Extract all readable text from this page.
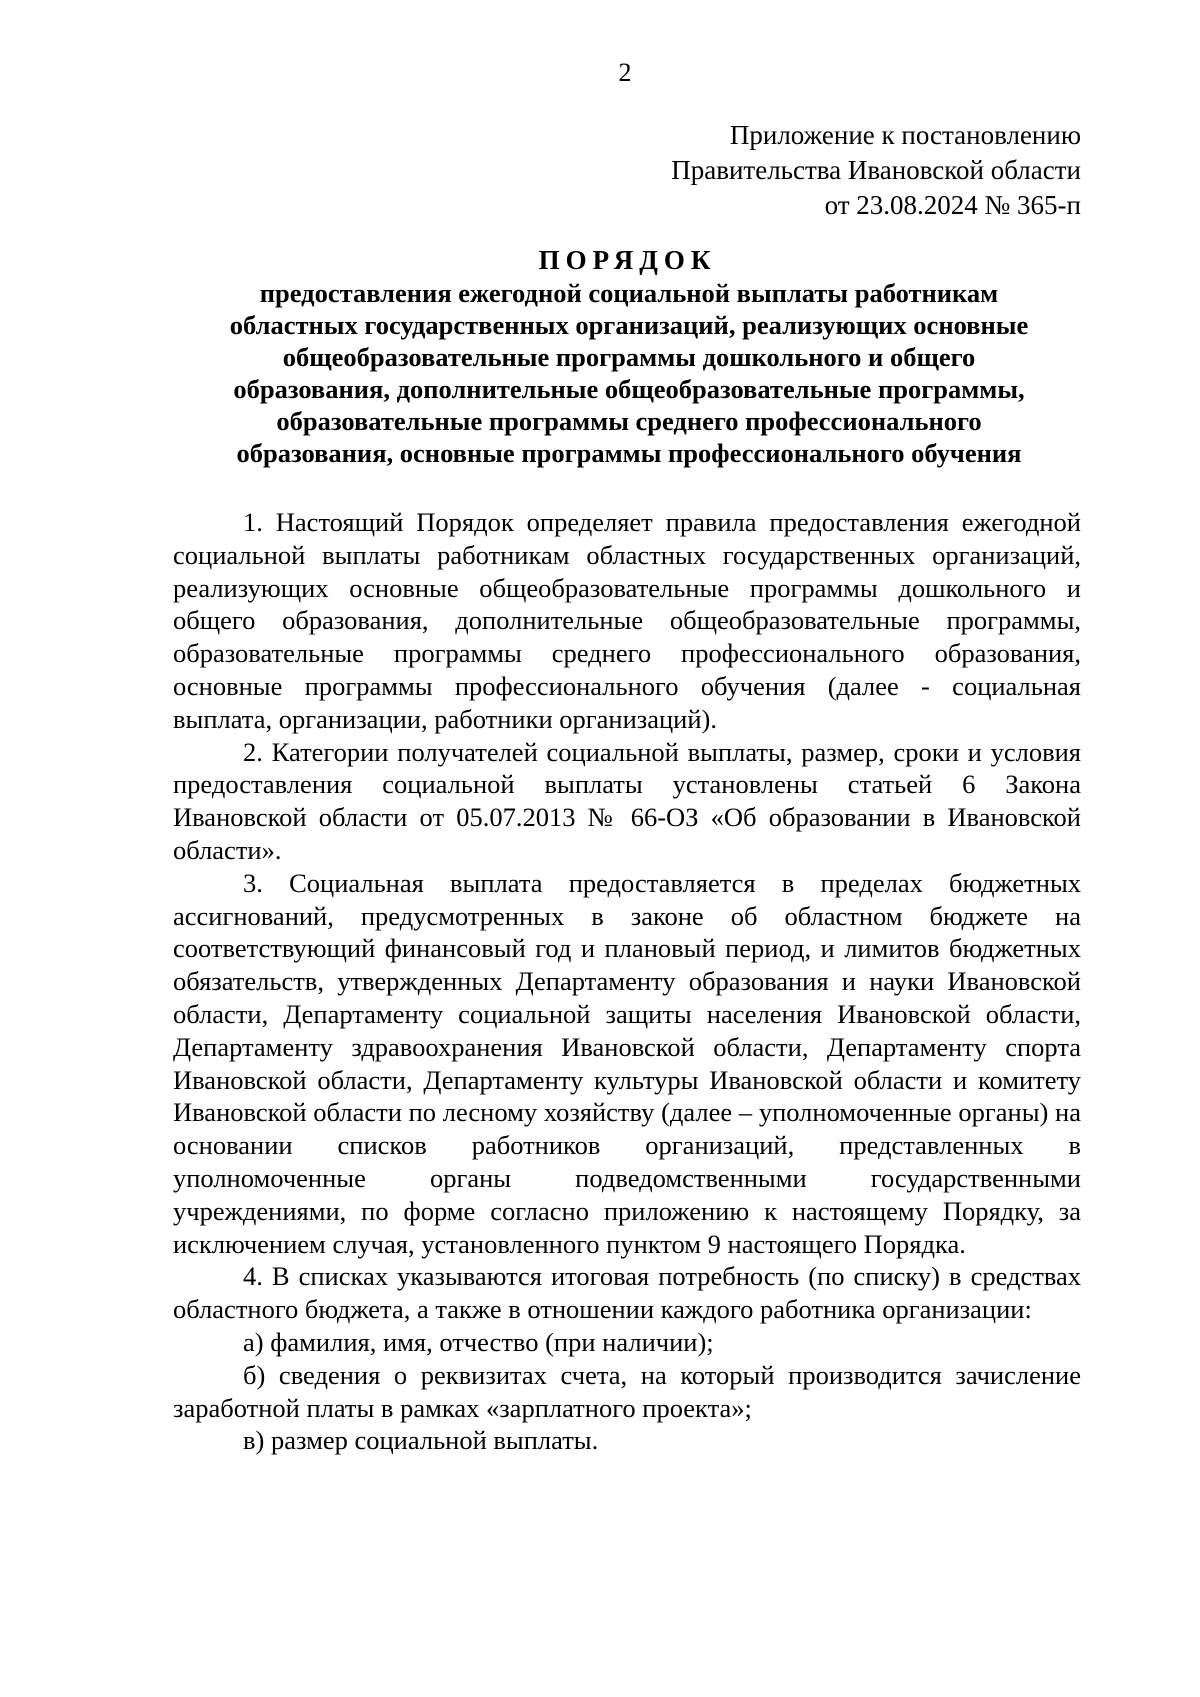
2
Приложение к постановлению
Правительства Ивановской области
от 23.08.2024 № 365-п
ПОРЯДОК
предоставления ежегодной социальной выплаты работникам
областных государственных организаций, реализующих основные
общеобразовательные программы дошкольного и общего
образования, дополнительные общеобразовательные программы,
образовательные программы среднего профессионального
образования, основные программы профессионального обучения

1. Настоящий Порядок определяет правила предоставления ежегодной социальной выплаты работникам областных государственных организаций, реализующих основные общеобразовательные программы дошкольного и общего образования, дополнительные общеобразовательные программы, образовательные программы среднего профессионального образования, основные программы профессионального обучения (далее - социальная выплата, организации, работники организаций).

2. Категории получателей социальной выплаты, размер, сроки и условия предоставления социальной выплаты установлены статьей 6 Закона Ивановской области от 05.07.2013 № 66-ОЗ «Об образовании в Ивановской области».

3. Социальная выплата предоставляется в пределах бюджетных ассигнований, предусмотренных в законе об областном бюджете на соответствующий финансовый год и плановый период, и лимитов бюджетных обязательств, утвержденных Департаменту образования и науки Ивановской области, Департаменту социальной защиты населения Ивановской области, Департаменту здравоохранения Ивановской области, Департаменту спорта Ивановской области, Департаменту культуры Ивановской области и комитету Ивановской области по лесному хозяйству (далее – уполномоченные органы) на основании списков работников организаций, представленных в уполномоченные органы подведомственными государственными учреждениями, по форме согласно приложению к настоящему Порядку, за исключением случая, установленного пунктом 9 настоящего Порядка.

4. В списках указываются итоговая потребность (по списку) в средствах областного бюджета, а также в отношении каждого работника организации:

а) фамилия, имя, отчество (при наличии);

б) сведения о реквизитах счета, на который производится зачисление заработной платы в рамках «зарплатного проекта»;

в) размер социальной выплаты.
